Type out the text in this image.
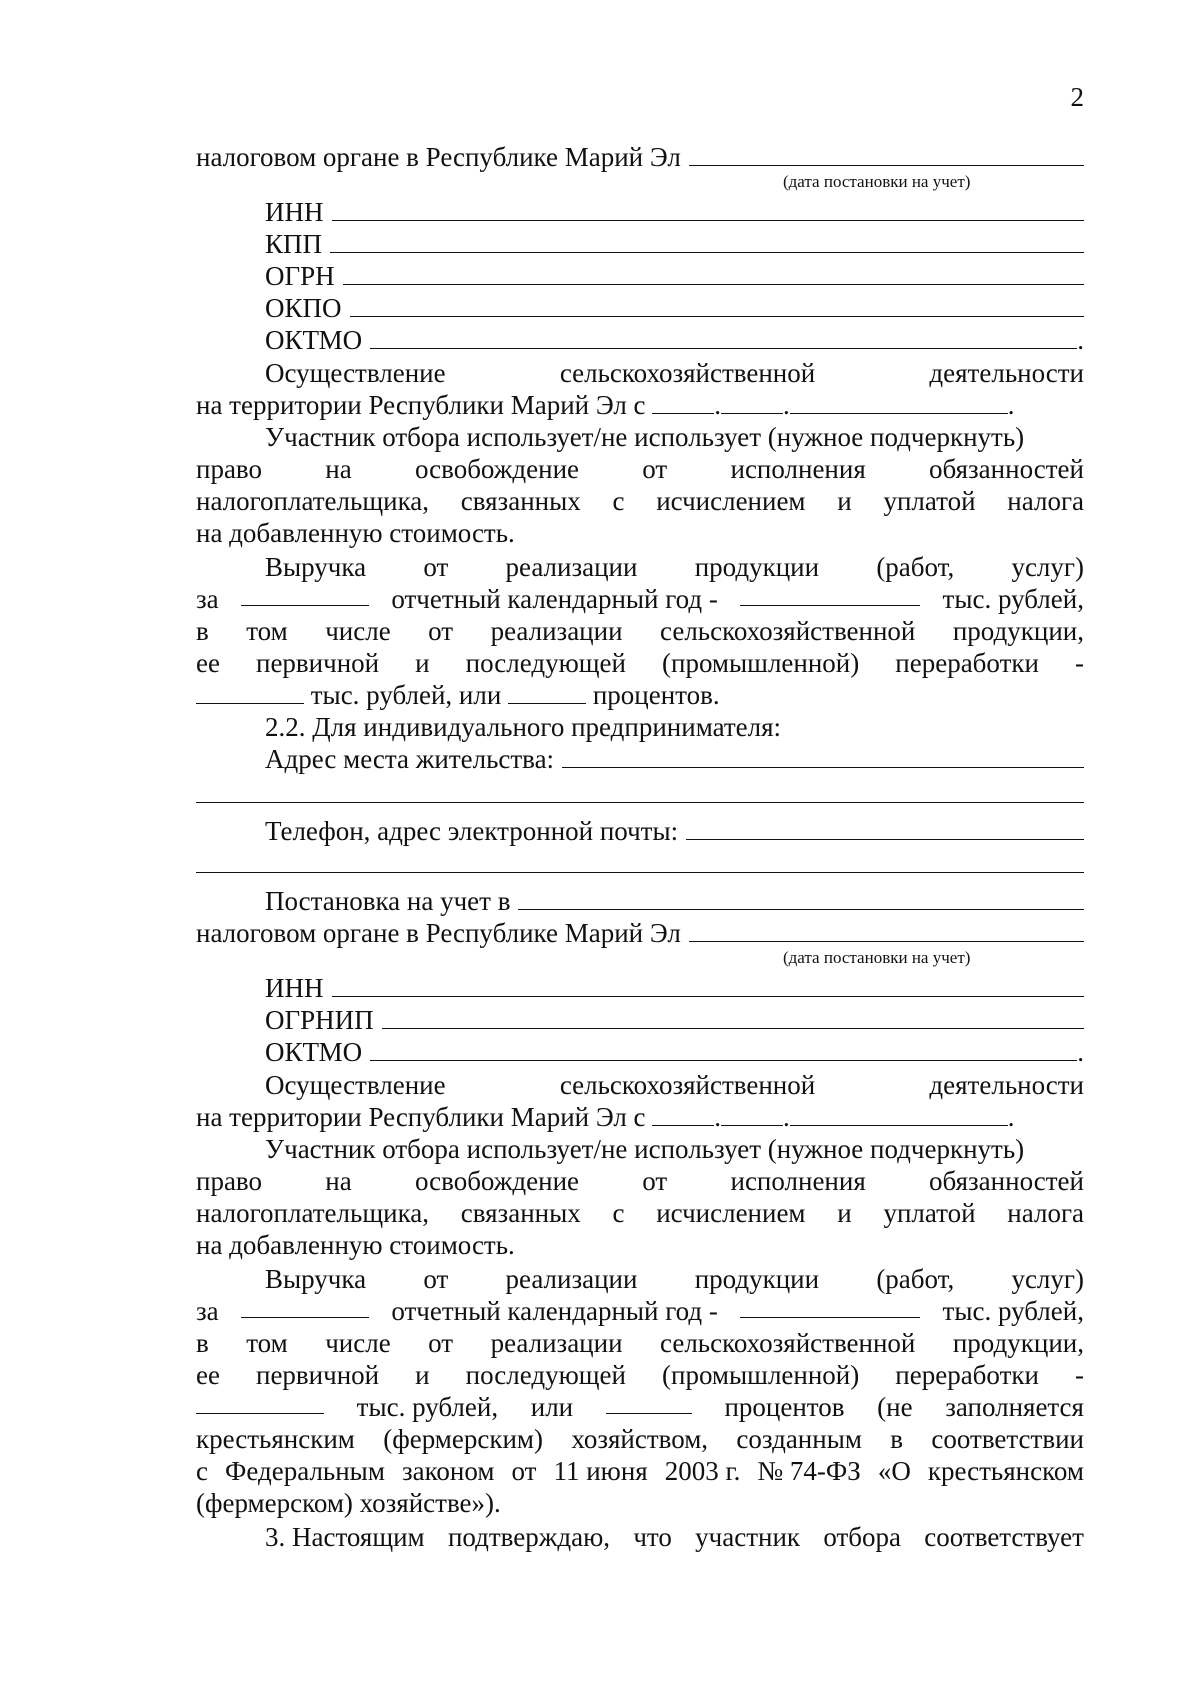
2
налоговом органе в Республике Марий Эл
(дата постановки на учет)
ИНН
КПП
ОГРН
ОКПО
ОКТМО	.
Осуществление	сельскохозяйственной	деятельности
на территории Республики Марий Эл с	. .	.
Участник отбора использует/не использует (нужное подчеркнуть)
право на освобождение от исполнения обязанностей
налогоплательщика, связанных с исчислением и уплатой налога
на добавленную стоимость.
Выручка от реализации продукции (работ, услуг)
за	отчетный календарный год -	тыс. рублей,
в том числе от реализации сельскохозяйственной продукции,
ее первичной и последующей (промышленной) переработки -
тыс. рублей, или	процентов.
2.2. Для индивидуального предпринимателя:
Адрес места жительства:
Телефон, адрес электронной почты:
Постановка на учет в
налоговом органе в Республике Марий Эл
(дата постановки на учет)
ИНН
ОГРНИП
ОКТМО	.
Осуществление	сельскохозяйственной	деятельности
на территории Республики Марий Эл с	. .	.
Участник отбора использует/не использует (нужное подчеркнуть)
право на освобождение от исполнения обязанностей
налогоплательщика, связанных с исчислением и уплатой налога
на добавленную стоимость.
Выручка от реализации продукции (работ, услуг)
за	отчетный календарный год -	тыс. рублей,
в том числе от реализации сельскохозяйственной продукции,
ее первичной и последующей (промышленной) переработки -
тыс. рублей, или	процентов (не заполняется
крестьянским (фермерским) хозяйством, созданным в соответствии
с Федеральным законом от 11 июня 2003 г. № 74-ФЗ «О крестьянском
(фермерском) хозяйстве»).
3. Настоящим подтверждаю, что участник отбора соответствует
